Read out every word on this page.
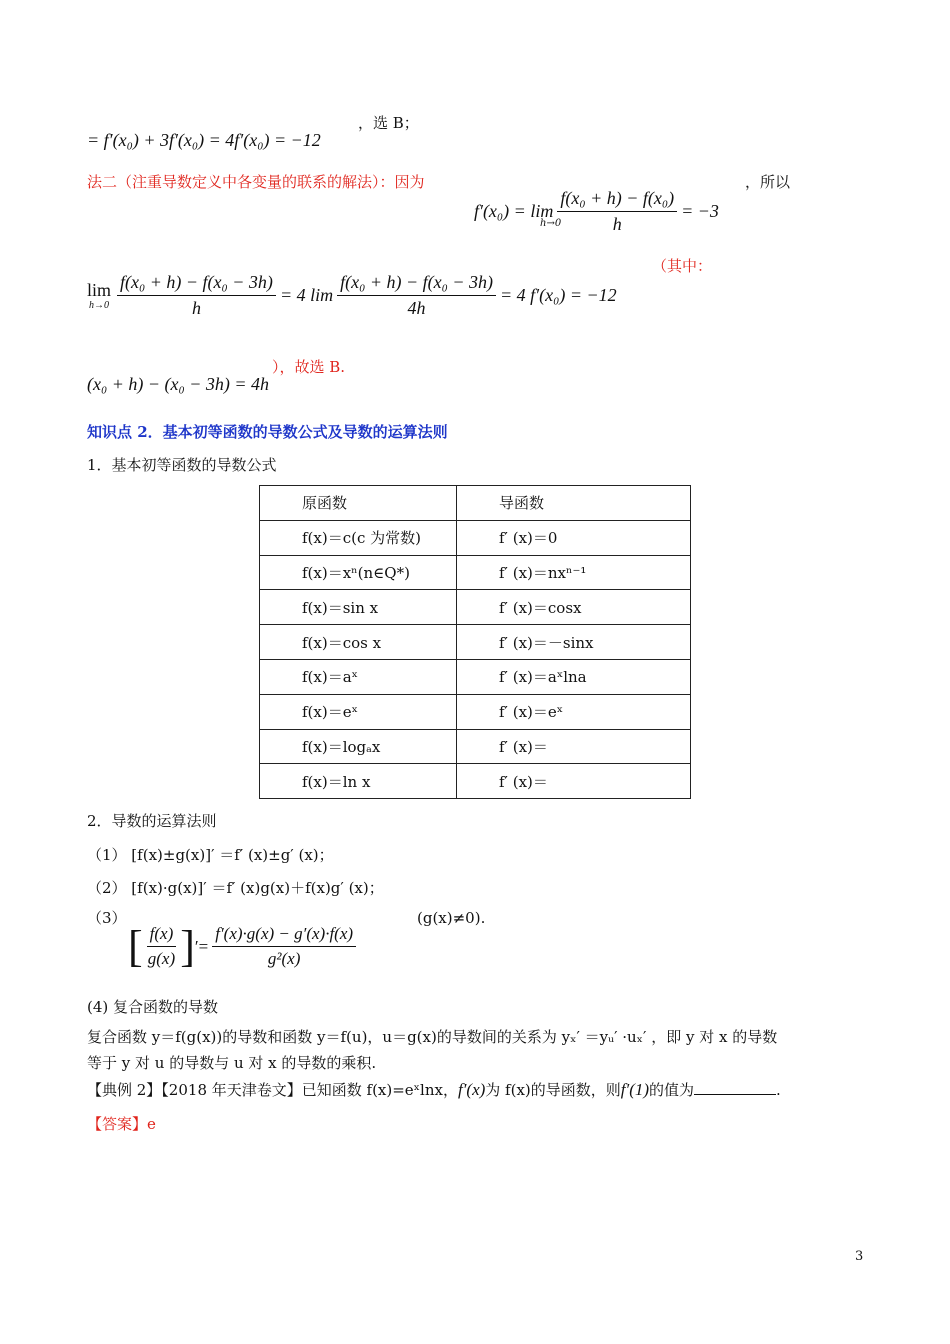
= f′(x₀) + 3f′(x₀) = 4f′(x₀) = −12
，选 B；
法二（注重导数定义中各变量的联系的解法）：因为	，所以
$f'(x_0) = \lim \frac{\text{f(x₀ + h) − f(x₀)}}{h} = -3$
h→0
lim
$h\to 0 \frac{\text{f(x₀ + h) − f(x₀ − 3h)}}{h} = 4$ $\lim \frac{\text{f(x₀ + h) − f(x₀ − 3h)}}{4h} = 4$ f′(x₀) = −12
（其中：
(x₀ + h) − (x₀ − 3h) = 4h
），故选 B.
知识点 2．基本初等函数的导数公式及导数的运算法则
1．基本初等函数的导数公式
原函数	导函数
f(x)＝c(c 为常数)	f′ (x)＝0
f(x)＝xⁿ(n∈Q*)	f′ (x)＝nxⁿ⁻¹
f(x)＝sin x	f′ (x)＝cosx
f(x)＝cos x	f′ (x)＝－sinx
f(x)＝aˣ	f′ (x)＝aˣlna
f(x)＝eˣ	f′ (x)＝eˣ
f(x)＝logₐx	f′ (x)＝
f(x)＝ln x	f′ (x)＝
2．导数的运算法则
（1） [f(x)±g(x)]′ ＝f′ (x)±g′ (x)；
（2） [f(x)·g(x)]′ ＝f′ (x)g(x)＋f(x)g′ (x)；
（3）
[ $\frac{f(x)}{g(x)}$ ] ′= $\frac{f'(x)\cdot g(x) - g'(x)\cdot f(x)}{\text{g²(x)}}$
(g(x)≠0).
(4) 复合函数的导数
复合函数 y＝f(g(x))的导数和函数 y＝f(u)，u＝g(x)的导数间的关系为 yₓ′ ＝yᵤ′ ·uₓ′ ，即 y 对 x 的导数
等于 y 对 u 的导数与 u 对 x 的导数的乘积.
【典例 2】【2018 年天津卷文】已知函数 f(x)=eˣlnx， f′(x) 为 f(x)的导函数，则 f′(1) 的值为	.
【答案】e
3
